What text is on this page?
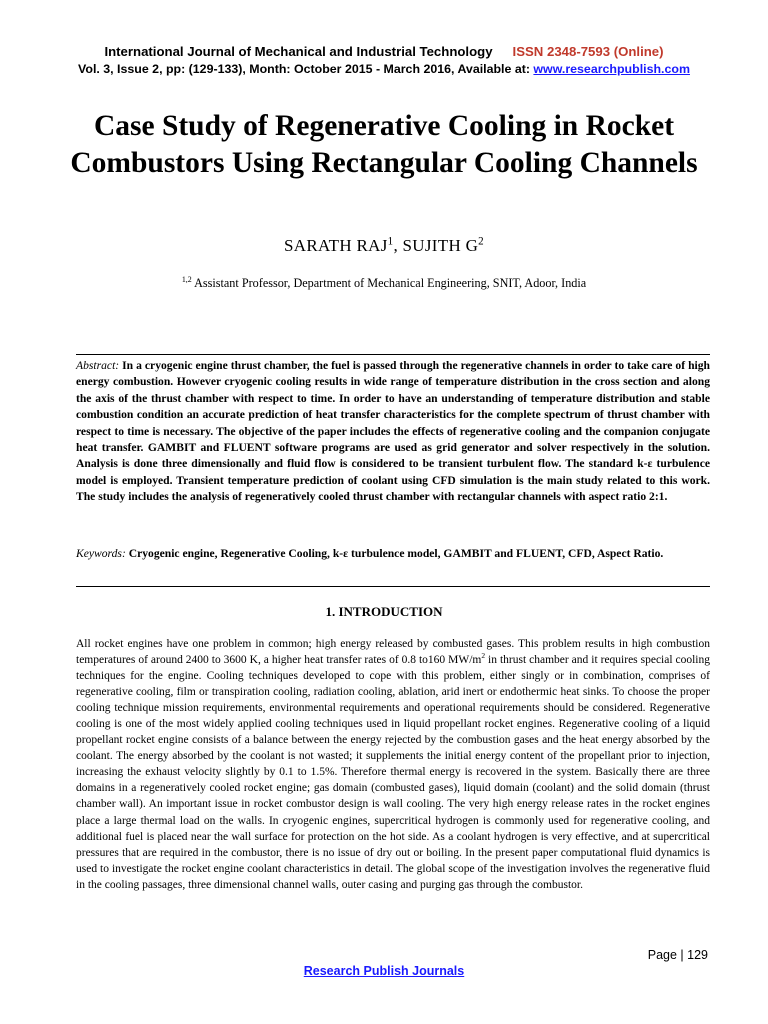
International Journal of Mechanical and Industrial Technology ISSN 2348-7593 (Online)
Vol. 3, Issue 2, pp: (129-133), Month: October 2015 - March 2016, Available at: www.researchpublish.com
Case Study of Regenerative Cooling in Rocket Combustors Using Rectangular Cooling Channels
SARATH RAJ$^1$, SUJITH $G^2$
$^{1,2}$ Assistant Professor, Department of Mechanical Engineering, SNIT, Adoor, India
Abstract: In a cryogenic engine thrust chamber, the fuel is passed through the regenerative channels in order to take care of high energy combustion. However cryogenic cooling results in wide range of temperature distribution in the cross section and along the axis of the thrust chamber with respect to time. In order to have an understanding of temperature distribution and stable combustion condition an accurate prediction of heat transfer characteristics for the complete spectrum of thrust chamber with respect to time is necessary. The objective of the paper includes the effects of regenerative cooling and the companion conjugate heat transfer. GAMBIT and FLUENT software programs are used as grid generator and solver respectively in the solution. Analysis is done three dimensionally and fluid flow is considered to be transient turbulent flow. The standard k-ε turbulence model is employed. Transient temperature prediction of coolant using CFD simulation is the main study related to this work. The study includes the analysis of regeneratively cooled thrust chamber with rectangular channels with aspect ratio 2:1.
Keywords: Cryogenic engine, Regenerative Cooling, k-ε turbulence model, GAMBIT and FLUENT, CFD, Aspect Ratio.
1. INTRODUCTION
All rocket engines have one problem in common; high energy released by combusted gases. This problem results in high combustion temperatures of around 2400 to 3600 K, a higher heat transfer rates of 0.8 to160 $MW/m^2$ in thrust chamber and it requires special cooling techniques for the engine. Cooling techniques developed to cope with this problem, either singly or in combination, comprises of regenerative cooling, film or transpiration cooling, radiation cooling, ablation, arid inert or endothermic heat sinks. To choose the proper cooling technique mission requirements, environmental requirements and operational requirements should be considered. Regenerative cooling is one of the most widely applied cooling techniques used in liquid propellant rocket engines. Regenerative cooling of a liquid propellant rocket engine consists of a balance between the energy rejected by the combustion gases and the heat energy absorbed by the coolant. The energy absorbed by the coolant is not wasted; it supplements the initial energy content of the propellant prior to injection, increasing the exhaust velocity slightly by 0.1 to 1.5%. Therefore thermal energy is recovered in the system. Basically there are three domains in a regeneratively cooled rocket engine; gas domain (combusted gases), liquid domain (coolant) and the solid domain (thrust chamber wall). An important issue in rocket combustor design is wall cooling. The very high energy release rates in the rocket engines place a large thermal load on the walls. In cryogenic engines, supercritical hydrogen is commonly used for regenerative cooling, and additional fuel is placed near the wall surface for protection on the hot side. As a coolant hydrogen is very effective, and at supercritical pressures that are required in the combustor, there is no issue of dry out or boiling. In the present paper computational fluid dynamics is used to investigate the rocket engine coolant characteristics in detail. The global scope of the investigation involves the regenerative fluid in the cooling passages, three dimensional channel walls, outer casing and purging gas through the combustor.
Page | 129
Research Publish Journals
